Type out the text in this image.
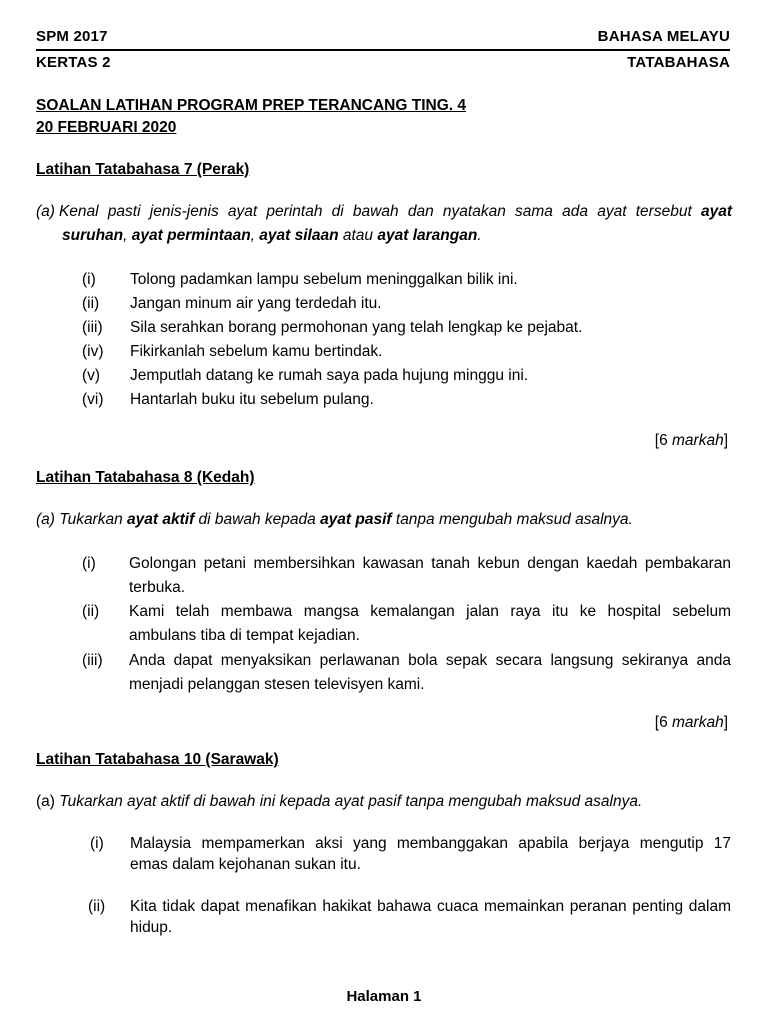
SPM 2017	BAHASA MELAYU
KERTAS 2	TATABAHASA
SOALAN LATIHAN PROGRAM PREP TERANCANG TING. 4
20 FEBRUARI 2020
Latihan Tatabahasa 7 (Perak)
(a) Kenal pasti jenis-jenis ayat perintah di bawah dan nyatakan sama ada ayat tersebut ayat
suruhan, ayat permintaan, ayat silaan atau ayat larangan.
(i) Tolong padamkan lampu sebelum meninggalkan bilik ini.
(ii) Jangan minum air yang terdedah itu.
(iii) Sila serahkan borang permohonan yang telah lengkap ke pejabat.
(iv) Fikirkanlah sebelum kamu bertindak.
(v) Jemputlah datang ke rumah saya pada hujung minggu ini.
(vi) Hantarlah buku itu sebelum pulang.
[6 markah]
Latihan Tatabahasa 8 (Kedah)
(a) Tukarkan ayat aktif di bawah kepada ayat pasif tanpa mengubah maksud asalnya.
(i) Golongan petani membersihkan kawasan tanah kebun dengan kaedah pembakaran
terbuka.
(ii) Kami telah membawa mangsa kemalangan jalan raya itu ke hospital sebelum
ambulans tiba di tempat kejadian.
(iii) Anda dapat menyaksikan perlawanan bola sepak secara langsung sekiranya anda
menjadi pelanggan stesen televisyen kami.
[6 markah]
Latihan Tatabahasa 10 (Sarawak)
(a) Tukarkan ayat aktif di bawah ini kepada ayat pasif tanpa mengubah maksud asalnya.
(i) Malaysia mempamerkan aksi yang membanggakan apabila berjaya mengutip 17
emas dalam kejohanan sukan itu.
(ii) Kita tidak dapat menafikan hakikat bahawa cuaca memainkan peranan penting dalam
hidup.
Halaman 1
